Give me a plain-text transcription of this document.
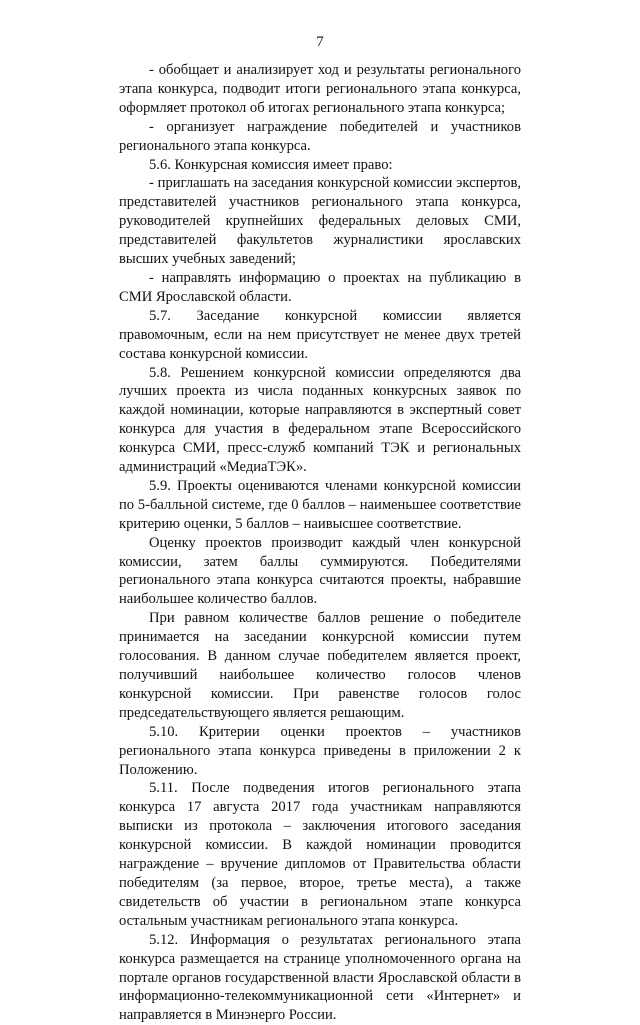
7

- обобщает и анализирует ход и результаты регионального этапа конкурса, подводит итоги регионального этапа конкурса, оформляет протокол об итогах регионального этапа конкурса;

- организует награждение победителей и участников регионального этапа конкурса.

5.6. Конкурсная комиссия имеет право:

- приглашать на заседания конкурсной комиссии экспертов, представителей участников регионального этапа конкурса, руководителей крупнейших федеральных деловых СМИ, представителей факультетов журналистики ярославских высших учебных заведений;

- направлять информацию о проектах на публикацию в СМИ Ярославской области.

5.7. Заседание конкурсной комиссии является правомочным, если на нем присутствует не менее двух третей состава конкурсной комиссии.

5.8. Решением конкурсной комиссии определяются два лучших проекта из числа поданных конкурсных заявок по каждой номинации, которые направляются в экспертный совет конкурса для участия в федеральном этапе Всероссийского конкурса СМИ, пресс-служб компаний ТЭК и региональных администраций «МедиаТЭК».

5.9. Проекты оцениваются членами конкурсной комиссии по 5-балльной системе, где 0 баллов – наименьшее соответствие критерию оценки, 5 баллов – наивысшее соответствие.

Оценку проектов производит каждый член конкурсной комиссии, затем баллы суммируются. Победителями регионального этапа конкурса считаются проекты, набравшие наибольшее количество баллов.

При равном количестве баллов решение о победителе принимается на заседании конкурсной комиссии путем голосования. В данном случае победителем является проект, получивший наибольшее количество голосов членов конкурсной комиссии. При равенстве голосов голос председательствующего является решающим.

5.10. Критерии оценки проектов – участников регионального этапа конкурса приведены в приложении 2 к Положению.

5.11. После подведения итогов регионального этапа конкурса 17 августа 2017 года участникам направляются выписки из протокола – заключения итогового заседания конкурсной комиссии. В каждой номинации проводится награждение – вручение дипломов от Правительства области победителям (за первое, второе, третье места), а также свидетельств об участии в региональном этапе конкурса остальным участникам регионального этапа конкурса.

5.12. Информация о результатах регионального этапа конкурса размещается на странице уполномоченного органа на портале органов государственной власти Ярославской области в информационно-телекоммуникационной сети «Интернет» и направляется в Минэнерго России.
